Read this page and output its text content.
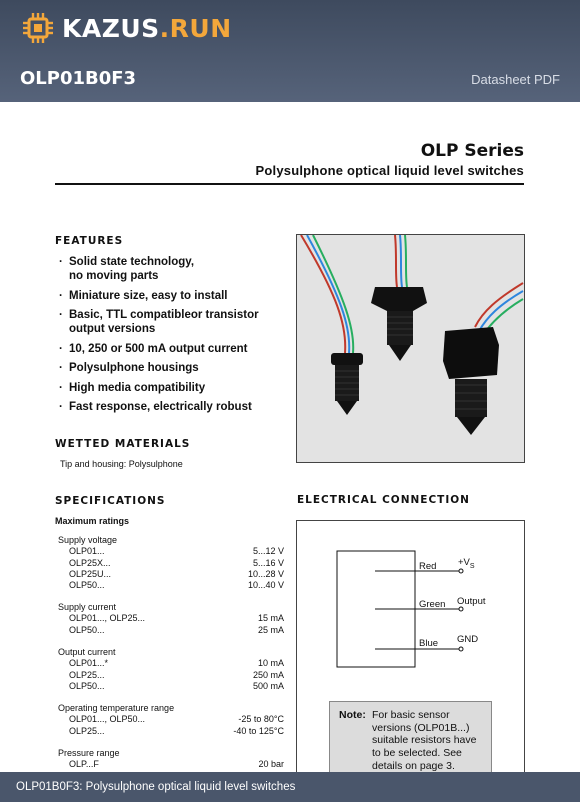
KAZUS.RUN
OLP01B0F3	Datasheet PDF
OLP Series
Polysulphone optical liquid level switches
FEATURES
· Solid state technology,
no moving parts
· Miniature size, easy to install
· Basic, TTL compatibleor transistor
output versions
· 10, 250 or 500 mA output current
· Polysulphone housings
· High media compatibility
· Fast response, electrically robust
WETTED MATERIALS
Tip and housing: Polysulphone
SPECIFICATIONS
Maximum ratings
Supply voltage
OLP01...	5...12 V
OLP25X...	5...16 V
OLP25U...	10...28 V
OLP50...	10...40 V
Supply current
OLP01..., OLP25...	15 mA
OLP50...	25 mA
Output current
OLP01...*	10 mA
OLP25...	250 mA
OLP50...	500 mA
Operating temperature range
OLP01..., OLP50...	-25 to 80°C
OLP25...	-40 to 125°C
Pressure range
OLP...F	20 bar
ELECTRICAL CONNECTION
Red $+V_S$
Green Output
Blue GND
Note: For basic sensor versions (OLP01B...) suitable resistors have to be selected. See details on page 3.
OLP01B0F3: Polysulphone optical liquid level switches
